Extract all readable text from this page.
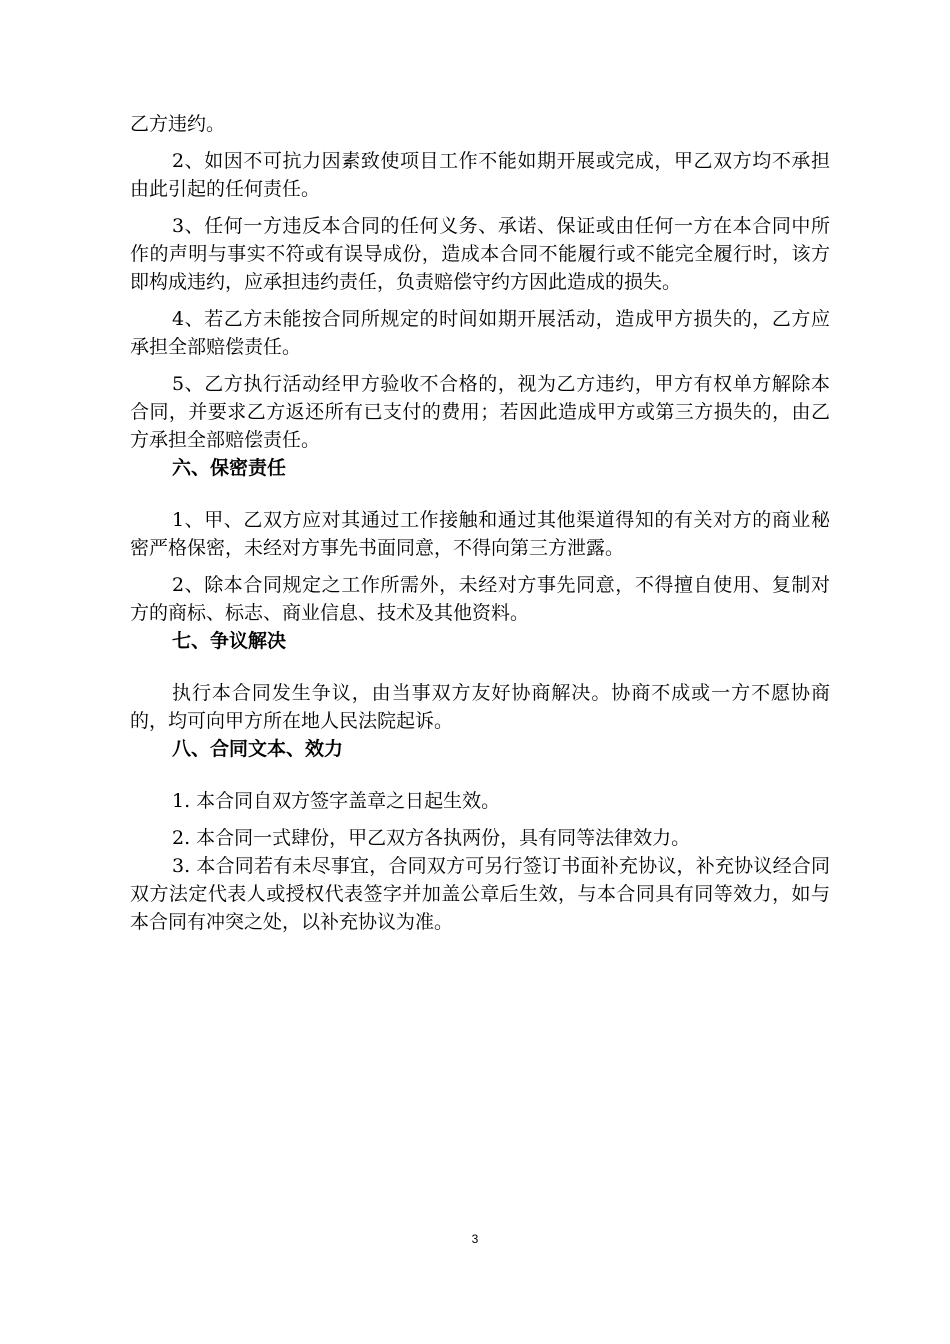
乙方违约。

2、如因不可抗力因素致使项目工作不能如期开展或完成，甲乙双方均不承担由此引起的任何责任。

3、任何一方违反本合同的任何义务、承诺、保证或由任何一方在本合同中所作的声明与事实不符或有误导成份，造成本合同不能履行或不能完全履行时，该方即构成违约，应承担违约责任，负责赔偿守约方因此造成的损失。

4、若乙方未能按合同所规定的时间如期开展活动，造成甲方损失的，乙方应承担全部赔偿责任。

5、乙方执行活动经甲方验收不合格的，视为乙方违约，甲方有权单方解除本合同，并要求乙方返还所有已支付的费用；若因此造成甲方或第三方损失的，由乙方承担全部赔偿责任。

六、保密责任

1、甲、乙双方应对其通过工作接触和通过其他渠道得知的有关对方的商业秘密严格保密，未经对方事先书面同意，不得向第三方泄露。

2、除本合同规定之工作所需外，未经对方事先同意，不得擅自使用、复制对方的商标、标志、商业信息、技术及其他资料。

七、争议解决

执行本合同发生争议，由当事双方友好协商解决。协商不成或一方不愿协商的，均可向甲方所在地人民法院起诉。

八、合同文本、效力

1. 本合同自双方签字盖章之日起生效。

2. 本合同一式肆份，甲乙双方各执两份，具有同等法律效力。

3. 本合同若有未尽事宜，合同双方可另行签订书面补充协议，补充协议经合同双方法定代表人或授权代表签字并加盖公章后生效，与本合同具有同等效力，如与本合同有冲突之处，以补充协议为准。

3
